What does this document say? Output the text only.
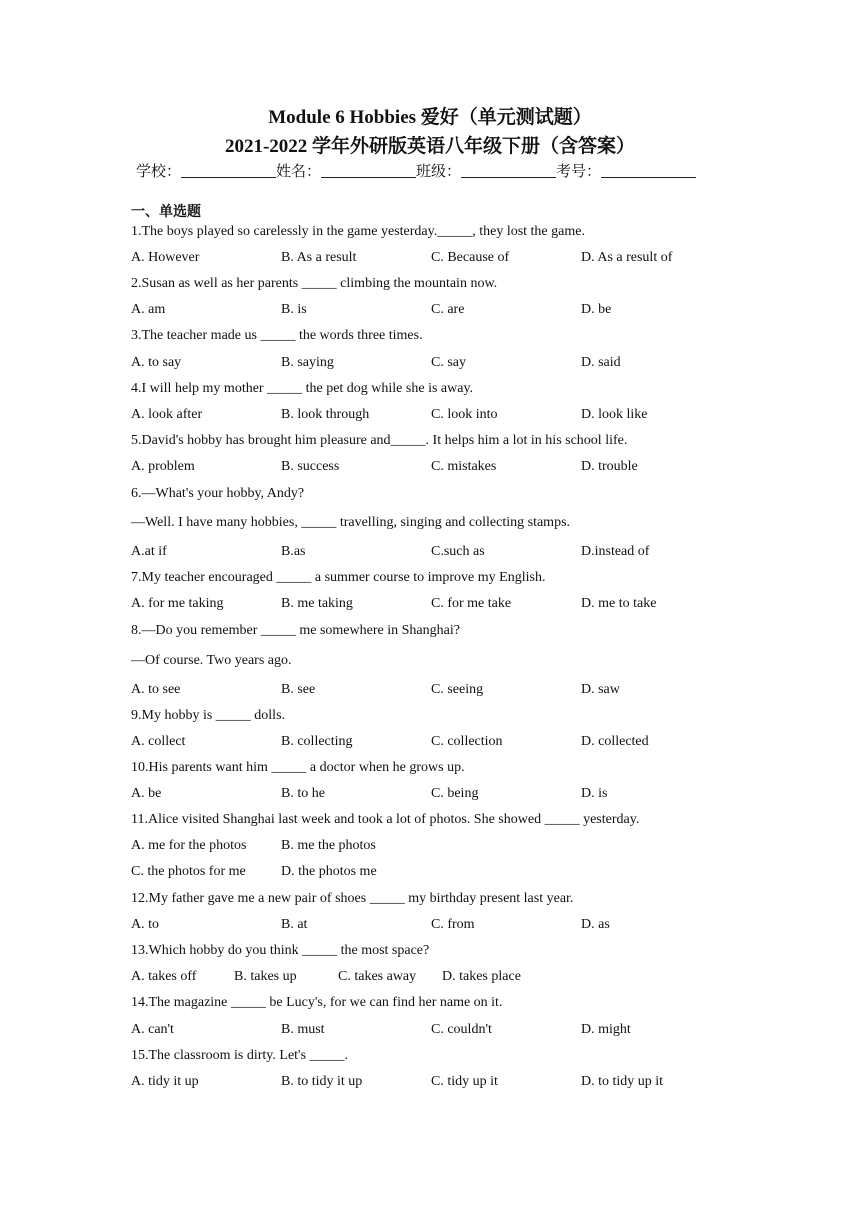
Module 6 Hobbies 爱好（单元测试题）
2021-2022 学年外研版英语八年级下册（含答案）
学校：	姓名：	班级：	考号：
一、单选题
1.The boys played so carelessly in the game yesterday._____, they lost the game.
A. However	B. As a result	C. Because of	D. As a result of
2.Susan as well as her parents _____ climbing the mountain now.
A. am	B. is	C. are	D. be
3.The teacher made us _____ the words three times.
A. to say	B. saying	C. say	D. said
4.I will help my mother _____ the pet dog while she is away.
A. look after	B. look through	C. look into	D. look like
5.David's hobby has brought him pleasure and_____. It helps him a lot in his school life.
A. problem	B. success	C. mistakes	D. trouble
6.—What's your hobby, Andy?
—Well. I have many hobbies, _____ travelling, singing and collecting stamps.
A.at if	B.as	C.such as	D.instead of
7.My teacher encouraged _____ a summer course to improve my English.
A. for me taking	B. me taking	C. for me take	D. me to take
8.—Do you remember _____ me somewhere in Shanghai?
—Of course. Two years ago.
A. to see	B. see	C. seeing	D. saw
9.My hobby is _____ dolls.
A. collect	B. collecting	C. collection	D. collected
10.His parents want him _____ a doctor when he grows up.
A. be	B. to he	C. being	D. is
11.Alice visited Shanghai last week and took a lot of photos. She showed _____ yesterday.
A. me for the photos B. me the photos
C. the photos for me	D. the photos me
12.My father gave me a new pair of shoes _____ my birthday present last year.
A. to	B. at	C. from	D. as
13.Which hobby do you think _____ the most space?
A. takes off	B. takes up	C. takes away D. takes place
14.The magazine _____ be Lucy's, for we can find her name on it.
A. can't	B. must	C. couldn't	D. might
15.The classroom is dirty. Let's _____.
A. tidy it up	B. to tidy it up	C. tidy up it	D. to tidy up it
